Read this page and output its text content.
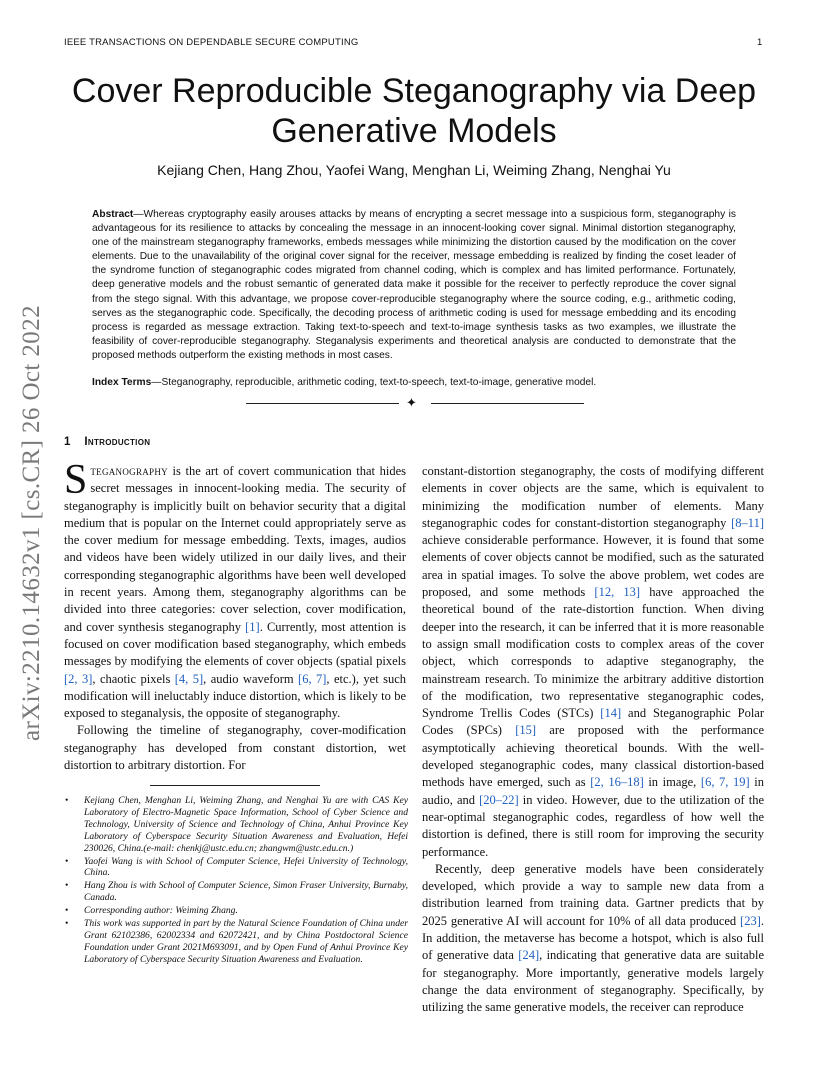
IEEE TRANSACTIONS ON DEPENDABLE SECURE COMPUTING	1
arXiv:2210.14632v1 [cs.CR] 26 Oct 2022
Cover Reproducible Steganography via Deep Generative Models
Kejiang Chen, Hang Zhou, Yaofei Wang, Menghan Li, Weiming Zhang, Nenghai Yu

Abstract—Whereas cryptography easily arouses attacks by means of encrypting a secret message into a suspicious form, steganography is advantageous for its resilience to attacks by concealing the message in an innocent-looking cover signal. Minimal distortion steganography, one of the mainstream steganography frameworks, embeds messages while minimizing the distortion caused by the modification on the cover elements. Due to the unavailability of the original cover signal for the receiver, message embedding is realized by finding the coset leader of the syndrome function of steganographic codes migrated from channel coding, which is complex and has limited performance. Fortunately, deep generative models and the robust semantic of generated data make it possible for the receiver to perfectly reproduce the cover signal from the stego signal. With this advantage, we propose cover-reproducible steganography where the source coding, e.g., arithmetic coding, serves as the steganographic code. Specifically, the decoding process of arithmetic coding is used for message embedding and its encoding process is regarded as message extraction. Taking text-to-speech and text-to-image synthesis tasks as two examples, we illustrate the feasibility of cover-reproducible steganography. Steganalysis experiments and theoretical analysis are conducted to demonstrate that the proposed methods outperform the existing methods in most cases.

Index Terms—Steganography, reproducible, arithmetic coding, text-to-speech, text-to-image, generative model.

✦
1 Introduction

Steganography is the art of covert communication that hides secret messages in innocent-looking media. The security of steganography is implicitly built on behavior security that a digital medium that is popular on the Internet could appropriately serve as the cover medium for message embedding. Texts, images, audios and videos have been widely utilized in our daily lives, and their corresponding steganographic algorithms have been well developed in recent years. Among them, steganography algorithms can be divided into three categories: cover selection, cover modification, and cover synthesis steganography [1]. Currently, most attention is focused on cover modification based steganography, which embeds messages by modifying the elements of cover objects (spatial pixels [2, 3], chaotic pixels [4, 5], audio waveform [6, 7], etc.), yet such modification will ineluctably induce distortion, which is likely to be exposed to steganalysis, the opposite of steganography.

Following the timeline of steganography, cover-modification steganography has developed from constant distortion, wet distortion to arbitrary distortion. For

constant-distortion steganography, the costs of modifying different elements in cover objects are the same, which is equivalent to minimizing the modification number of elements. Many steganographic codes for constant-distortion steganography [8–11] achieve considerable performance. However, it is found that some elements of cover objects cannot be modified, such as the saturated area in spatial images. To solve the above problem, wet codes are proposed, and some methods [12, 13] have approached the theoretical bound of the rate-distortion function. When diving deeper into the research, it can be inferred that it is more reasonable to assign small modification costs to complex areas of the cover object, which corresponds to adaptive steganography, the mainstream research. To minimize the arbitrary additive distortion of the modification, two representative steganographic codes, Syndrome Trellis Codes (STCs) [14] and Steganographic Polar Codes (SPCs) [15] are proposed with the performance asymptotically achieving theoretical bounds. With the well-developed steganographic codes, many classical distortion-based methods have emerged, such as [2, 16–18] in image, [6, 7, 19] in audio, and [20–22] in video. However, due to the utilization of the near-optimal steganographic codes, regardless of how well the distortion is defined, there is still room for improving the security performance.

Recently, deep generative models have been considerately developed, which provide a way to sample new data from a distribution learned from training data. Gartner predicts that by 2025 generative AI will account for 10% of all data produced [23]. In addition, the metaverse has become a hotspot, which is also full of generative data [24], indicating that generative data are suitable for steganography. More importantly, generative models largely change the data environment of steganography. Specifically, by utilizing the same generative models, the receiver can reproduce

• Kejiang Chen, Menghan Li, Weiming Zhang, and Nenghai Yu are with CAS Key Laboratory of Electro-Magnetic Space Information, School of Cyber Science and Technology, University of Science and Technology of China, Anhui Province Key Laboratory of Cyberspace Security Situation Awareness and Evaluation, Hefei 230026, China.(e-mail: chenkj@ustc.edu.cn; zhangwm@ustc.edu.cn.)
• Yaofei Wang is with School of Computer Science, Hefei University of Technology, China.
• Hang Zhou is with School of Computer Science, Simon Fraser University, Burnaby, Canada.
• Corresponding author: Weiming Zhang.
• This work was supported in part by the Natural Science Foundation of China under Grant 62102386, 62002334 and 62072421, and by China Postdoctoral Science Foundation under Grant 2021M693091, and by Open Fund of Anhui Province Key Laboratory of Cyberspace Security Situation Awareness and Evaluation.
